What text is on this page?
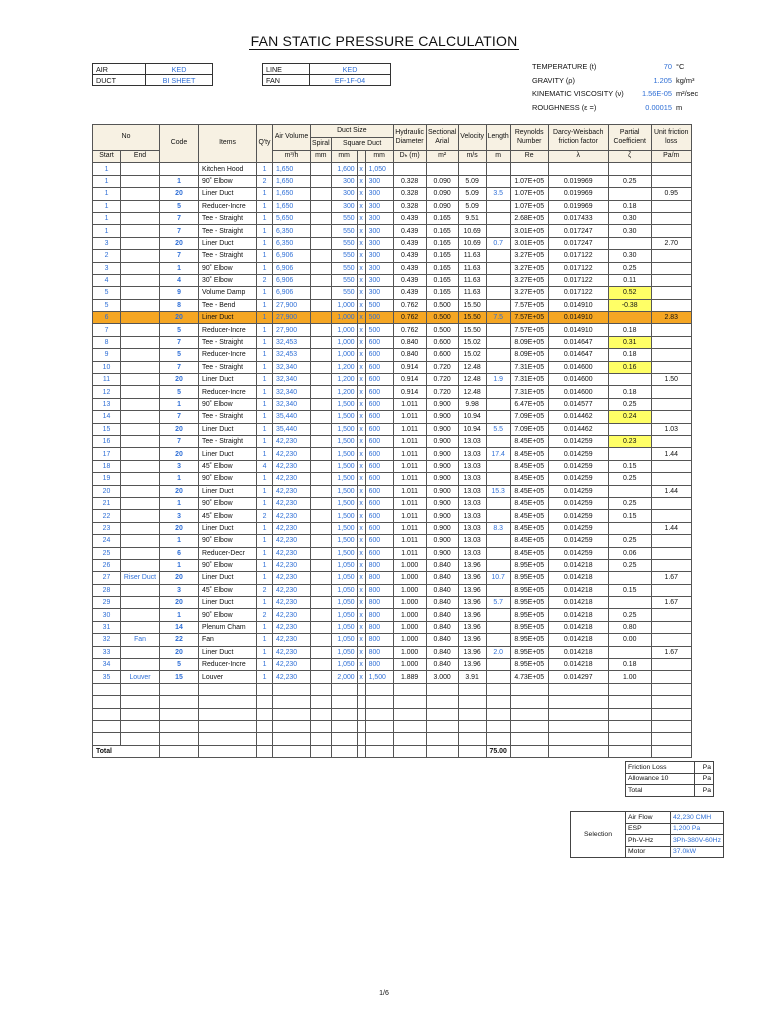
FAN STATIC PRESSURE CALCULATION
AIR	KED
DUCT	BI SHEET
LINE	KED
FAN	EF-1F-04
TEMPERATURE (t)	70 °C
GRAVITY (ρ)	1.205 kg/m³
KINEMATIC VISCOSITY (ν)	1.56E-05 m²/sec
ROUGHNESS (ε =)	0.00015 m
No		Code	Items	Q'ty	Air Volume	Duct Size				Hydraulic Diameter	Sectional Arial	Velocity	Length	Reynolds Number	Darcy-Weisbach friction factor	Partial Coefficient	Unit friction loss
						Spiral	Square Duct										
Start	End				m³/h	mm	mm		mm	Dₕ (m)	m²	m/s	m	Re	λ	ζ	Pa/m
1			Kitchen Hood	1	1,650		1,600	x	1,050								
1		1	90˚ Elbow	2	1,650		300	x	300	0.328	0.090	5.09		1.07E+05	0.019969	0.25	
1		20	Liner Duct	1	1,650		300	x	300	0.328	0.090	5.09	3.5	1.07E+05	0.019969		0.95
1		5	Reducer-Incre	1	1,650		300	x	300	0.328	0.090	5.09		1.07E+05	0.019969	0.18	
1		7	Tee - Straight	1	5,650		550	x	300	0.439	0.165	9.51		2.68E+05	0.017433	0.30	
1		7	Tee - Straight	1	6,350		550	x	300	0.439	0.165	10.69		3.01E+05	0.017247	0.30	
3		20	Liner Duct	1	6,350		550	x	300	0.439	0.165	10.69	0.7	3.01E+05	0.017247		2.70
2		7	Tee - Straight	1	6,906		550	x	300	0.439	0.165	11.63		3.27E+05	0.017122	0.30	
3		1	90˚ Elbow	1	6,906		550	x	300	0.439	0.165	11.63		3.27E+05	0.017122	0.25	
4		4	30˚ Elbow	2	6,906		550	x	300	0.439	0.165	11.63		3.27E+05	0.017122	0.11	
5		9	Volume Damp	1	6,906		550	x	300	0.439	0.165	11.63		3.27E+05	0.017122	0.52	
5		8	Tee - Bend	1	27,900		1,000	x	500	0.762	0.500	15.50		7.57E+05	0.014910	-0.38	
6		20	Liner Duct	1	27,900		1,000	x	500	0.762	0.500	15.50	7.5	7.57E+05	0.014910		2.83
7		5	Reducer-Incre	1	27,900		1,000	x	500	0.762	0.500	15.50		7.57E+05	0.014910	0.18	
8		7	Tee - Straight	1	32,453		1,000	x	600	0.840	0.600	15.02		8.09E+05	0.014647	0.31	
9		5	Reducer-Incre	1	32,453		1,000	x	600	0.840	0.600	15.02		8.09E+05	0.014647	0.18	
10		7	Tee - Straight	1	32,340		1,200	x	600	0.914	0.720	12.48		7.31E+05	0.014600	0.16	
11		20	Liner Duct	1	32,340		1,200	x	600	0.914	0.720	12.48	1.9	7.31E+05	0.014600		1.50
12		5	Reducer-Incre	1	32,340		1,200	x	600	0.914	0.720	12.48		7.31E+05	0.014600	0.18	
13		1	90˚ Elbow	1	32,340		1,500	x	600	1.011	0.900	9.98		6.47E+05	0.014577	0.25	
14		7	Tee - Straight	1	35,440		1,500	x	600	1.011	0.900	10.94		7.09E+05	0.014462	0.24	
15		20	Liner Duct	1	35,440		1,500	x	600	1.011	0.900	10.94	5.5	7.09E+05	0.014462		1.03
16		7	Tee - Straight	1	42,230		1,500	x	600	1.011	0.900	13.03		8.45E+05	0.014259	0.23	
17		20	Liner Duct	1	42,230		1,500	x	600	1.011	0.900	13.03	17.4	8.45E+05	0.014259		1.44
18		3	45˚ Elbow	4	42,230		1,500	x	600	1.011	0.900	13.03		8.45E+05	0.014259	0.15	
19		1	90˚ Elbow	1	42,230		1,500	x	600	1.011	0.900	13.03		8.45E+05	0.014259	0.25	
20		20	Liner Duct	1	42,230		1,500	x	600	1.011	0.900	13.03	15.3	8.45E+05	0.014259		1.44
21		1	90˚ Elbow	1	42,230		1,500	x	600	1.011	0.900	13.03		8.45E+05	0.014259	0.25	
22		3	45˚ Elbow	2	42,230		1,500	x	600	1.011	0.900	13.03		8.45E+05	0.014259	0.15	
23		20	Liner Duct	1	42,230		1,500	x	600	1.011	0.900	13.03	8.3	8.45E+05	0.014259		1.44
24		1	90˚ Elbow	1	42,230		1,500	x	600	1.011	0.900	13.03		8.45E+05	0.014259	0.25	
25		6	Reducer-Decr	1	42,230		1,500	x	600	1.011	0.900	13.03		8.45E+05	0.014259	0.06	
26		1	90˚ Elbow	1	42,230		1,050	x	800	1.000	0.840	13.96		8.95E+05	0.014218	0.25	
27	Riser Duct	20	Liner Duct	1	42,230		1,050	x	800	1.000	0.840	13.96	10.7	8.95E+05	0.014218		1.67
28		3	45˚ Elbow	2	42,230		1,050	x	800	1.000	0.840	13.96		8.95E+05	0.014218	0.15	
29		20	Liner Duct	1	42,230		1,050	x	800	1.000	0.840	13.96	5.7	8.95E+05	0.014218		1.67
30		1	90˚ Elbow	2	42,230		1,050	x	800	1.000	0.840	13.96		8.95E+05	0.014218	0.25	
31		14	Plenum Cham	1	42,230		1,050	x	800	1.000	0.840	13.96		8.95E+05	0.014218	0.80	
32	Fan	22	Fan	1	42,230		1,050	x	800	1.000	0.840	13.96		8.95E+05	0.014218	0.00	
33		20	Liner Duct	1	42,230		1,050	x	800	1.000	0.840	13.96	2.0	8.95E+05	0.014218		1.67
34		5	Reducer-Incre	1	42,230		1,050	x	800	1.000	0.840	13.96		8.95E+05	0.014218	0.18	
35	Louver	15	Louver	1	42,230		2,000	x	1,500	1.889	3.000	3.91		4.73E+05	0.014297	1.00	

Total													75.00				
Friction Loss	Pa
Allowance 10	Pa
Total	Pa
Selection	Air Flow	42,230 CMH
	ESP	1,200 Pa
	Ph-V-Hz	3Ph-380V-60Hz
	Motor	37.0kW
1/6
